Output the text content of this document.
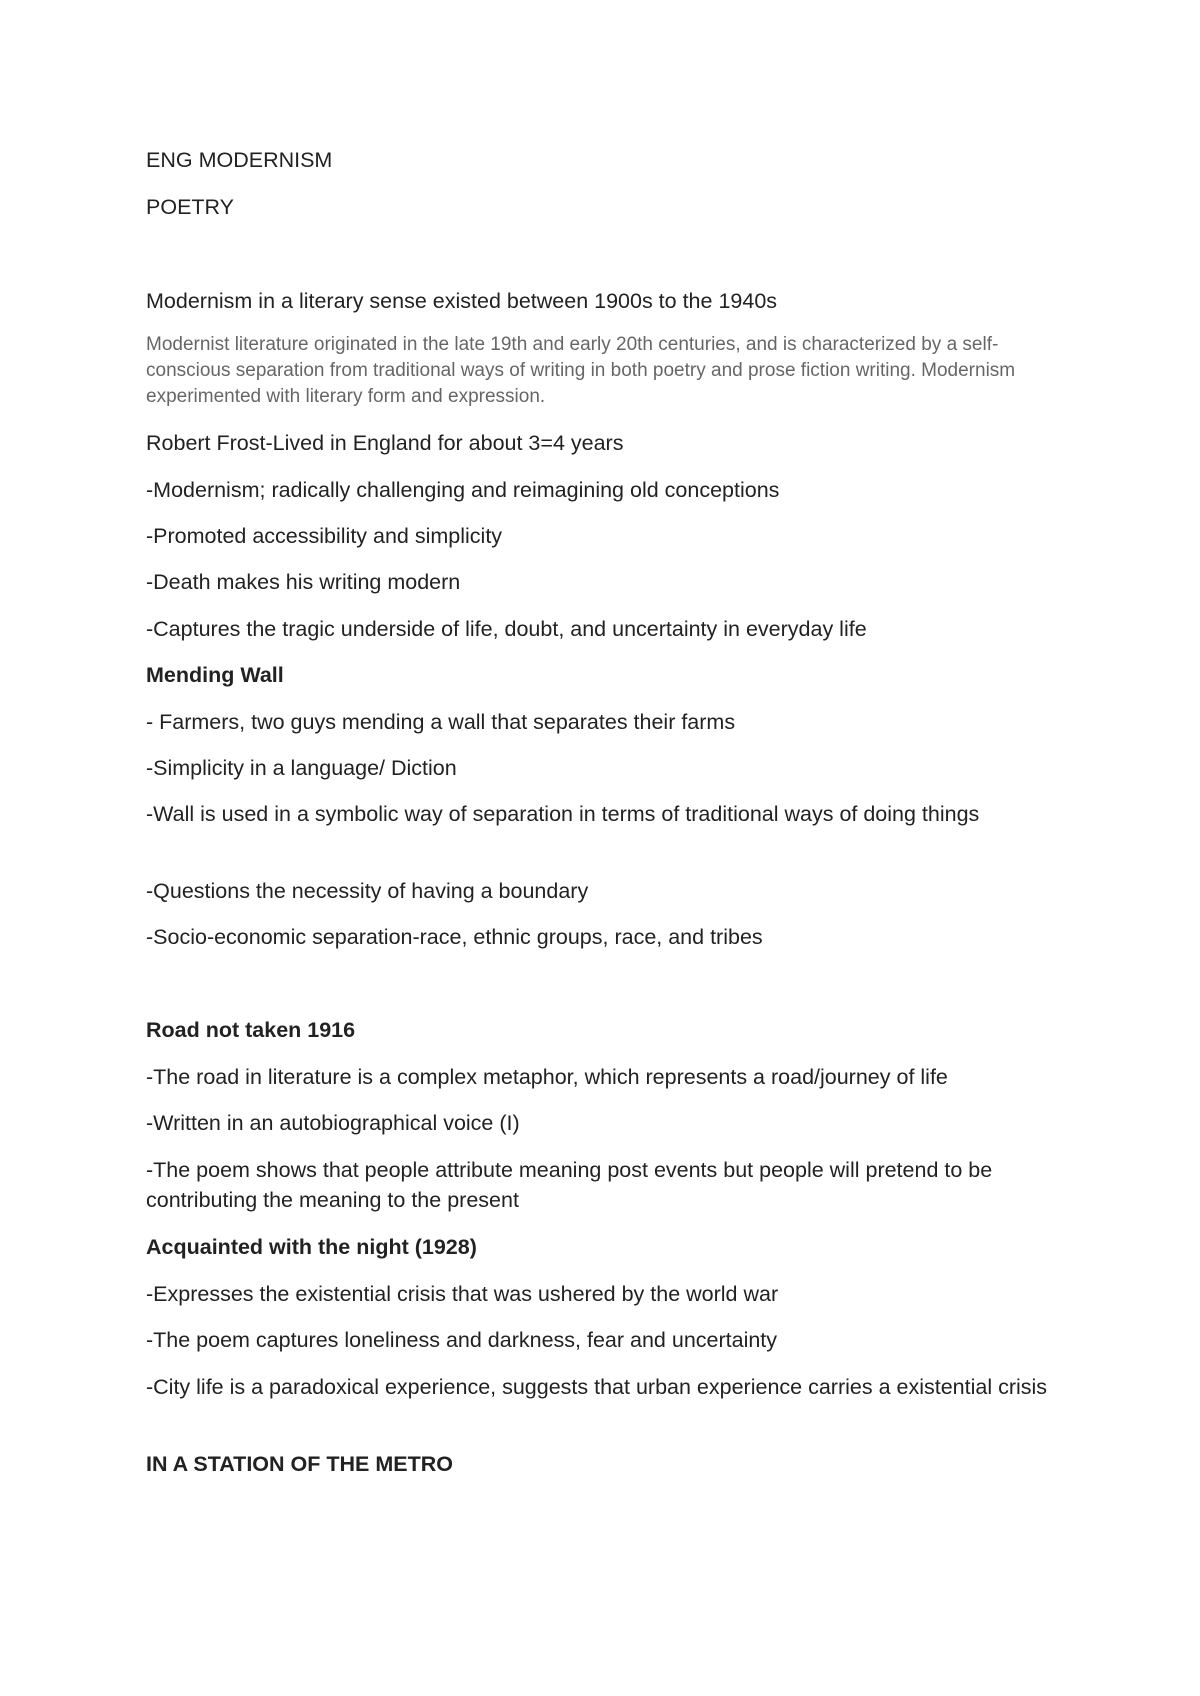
ENG MODERNISM

POETRY

Modernism in a literary sense existed between 1900s to the 1940s

Modernist literature originated in the late 19th and early 20th centuries, and is characterized by a self-conscious separation from traditional ways of writing in both poetry and prose fiction writing. Modernism experimented with literary form and expression.

Robert Frost-Lived in England for about 3=4 years

-Modernism; radically challenging and reimagining old conceptions

-Promoted accessibility and simplicity

-Death makes his writing modern

-Captures the tragic underside of life, doubt, and uncertainty in everyday life

Mending Wall

- Farmers, two guys mending a wall that separates their farms

-Simplicity in a language/ Diction

-Wall is used in a symbolic way of separation in terms of traditional ways of doing things

-Questions the necessity of having a boundary

-Socio-economic separation-race, ethnic groups, race, and tribes

Road not taken 1916

-The road in literature is a complex metaphor, which represents a road/journey of life

-Written in an autobiographical voice (I)

-The poem shows that people attribute meaning post events but people will pretend to be contributing the meaning to the present

Acquainted with the night (1928)

-Expresses the existential crisis that was ushered by the world war

-The poem captures loneliness and darkness, fear and uncertainty

-City life is a paradoxical experience, suggests that urban experience carries a existential crisis

IN A STATION OF THE METRO
